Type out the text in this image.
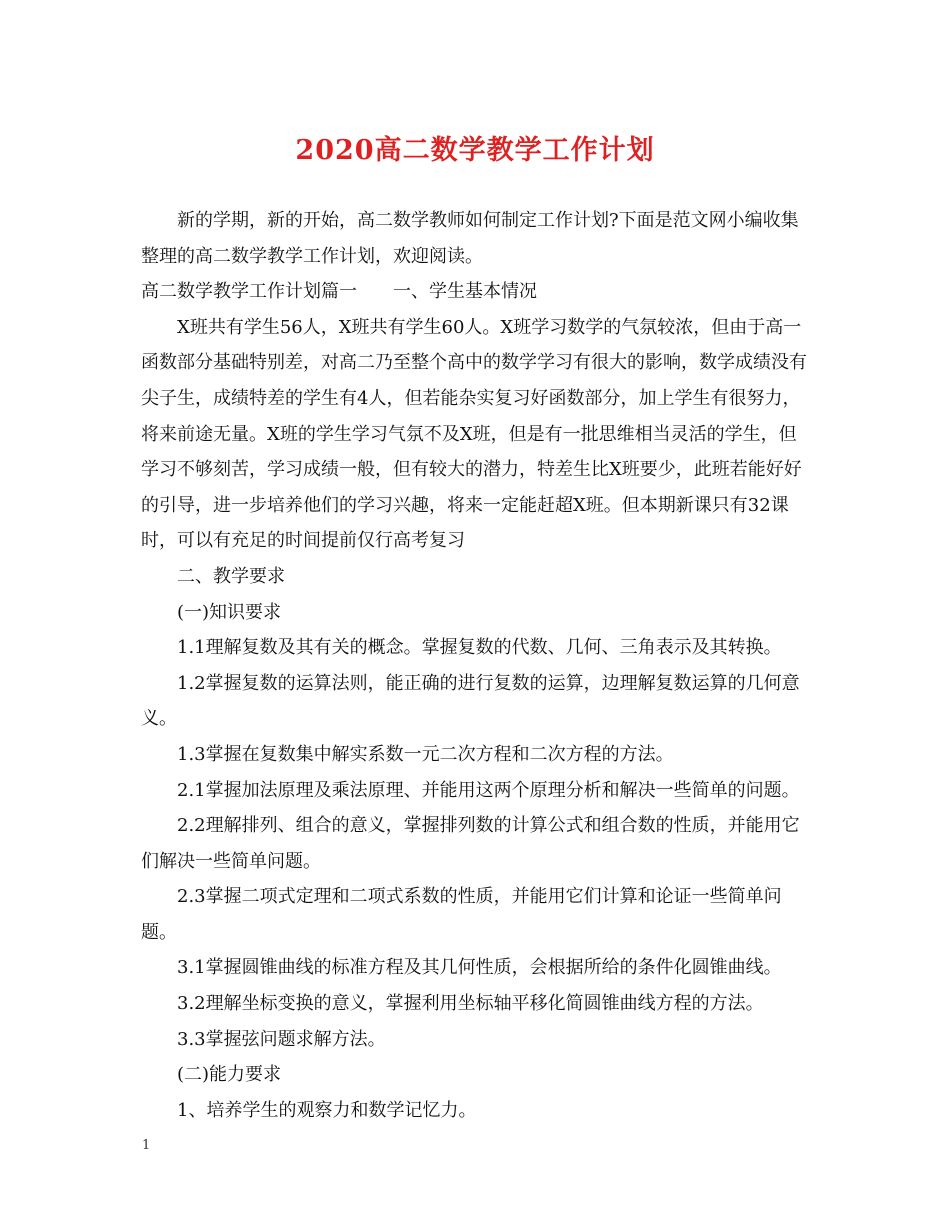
2020高二数学教学工作计划

新的学期，新的开始，高二数学教师如何制定工作计划?下面是范文网小编收集整理的高二数学教学工作计划，欢迎阅读。

高二数学教学工作计划篇一　　一、学生基本情况

X班共有学生56人，X班共有学生60人。X班学习数学的气氛较浓，但由于高一函数部分基础特别差，对高二乃至整个高中的数学学习有很大的影响，数学成绩没有尖子生，成绩特差的学生有4人，但若能杂实复习好函数部分，加上学生有很努力，将来前途无量。X班的学生学习气氛不及X班，但是有一批思维相当灵活的学生，但学习不够刻苦，学习成绩一般，但有较大的潜力，特差生比X班要少，此班若能好好的引导，进一步培养他们的学习兴趣，将来一定能赶超X班。但本期新课只有32课时，可以有充足的时间提前仅行高考复习

二、教学要求

(一)知识要求

1.1理解复数及其有关的概念。掌握复数的代数、几何、三角表示及其转换。

1.2掌握复数的运算法则，能正确的进行复数的运算，边理解复数运算的几何意义。

1.3掌握在复数集中解实系数一元二次方程和二次方程的方法。

2.1掌握加法原理及乘法原理、并能用这两个原理分析和解决一些简单的问题。

2.2理解排列、组合的意义，掌握排列数的计算公式和组合数的性质，并能用它们解决一些简单问题。

2.3掌握二项式定理和二项式系数的性质，并能用它们计算和论证一些简单问题。

3.1掌握圆锥曲线的标准方程及其几何性质，会根据所给的条件化圆锥曲线。

3.2理解坐标变换的意义，掌握利用坐标轴平移化简圆锥曲线方程的方法。

3.3掌握弦问题求解方法。

(二)能力要求

1、培养学生的观察力和数学记忆力。

1
